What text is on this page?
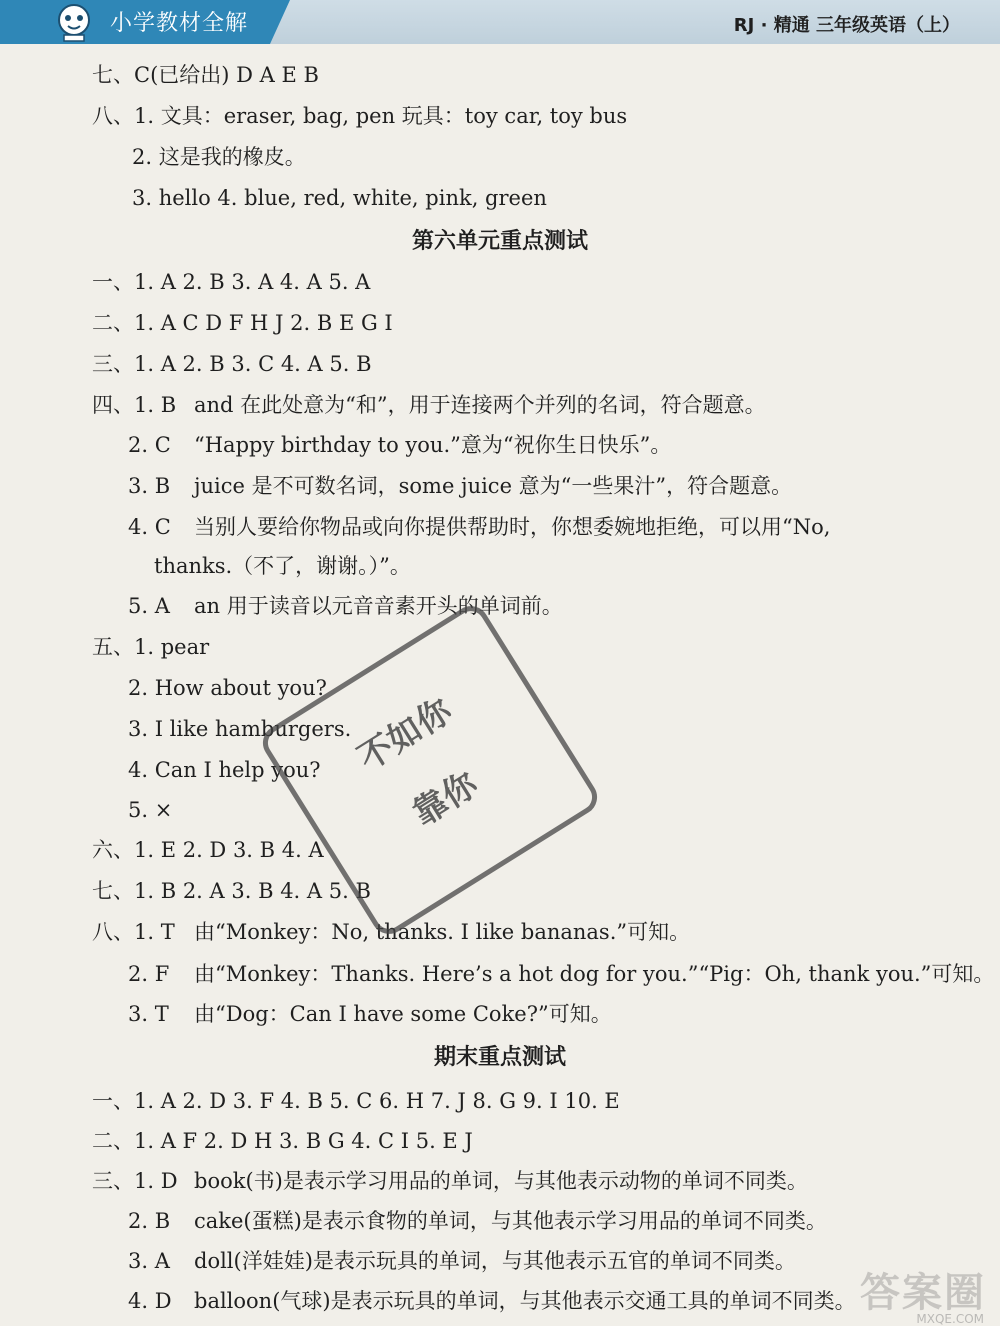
小学教材全解	RJ · 精通 三年级英语（上）
第六单元重点测试
期末重点测试
七、C(已给出) D A E B
八、1. 文具：eraser, bag, pen 玩具：toy car, toy bus
2. 这是我的橡皮。
3. hello 4. blue, red, white, pink, green
一、1. A 2. B 3. A 4. A 5. A
二、1. A C D F H J 2. B E G I
三、1. A 2. B 3. C 4. A 5. B
四、1. B and 在此处意为“和”，用于连接两个并列的名词，符合题意。
2. C “Happy birthday to you.”意为“祝你生日快乐”。
3. B juice 是不可数名词，some juice 意为“一些果汁”，符合题意。
4. C 当别人要给你物品或向你提供帮助时，你想委婉地拒绝，可以用“No,
thanks.（不了，谢谢。）”。
5. A an 用于读音以元音音素开头的单词前。
五、1. pear
2. How about you?
3. I like hamburgers.
4. Can I help you?
5. ×
六、1. E 2. D 3. B 4. A
七、1. B 2. A 3. B 4. A 5. B
八、1. T 由“Monkey：No, thanks. I like bananas.”可知。
2. F 由“Monkey：Thanks. Here’s a hot dog for you.”“Pig：Oh, thank you.”可知。
3. T 由“Dog：Can I have some Coke?”可知。
一、1. A 2. D 3. F 4. B 5. C 6. H 7. J 8. G 9. I 10. E
二、1. A F 2. D H 3. B G 4. C I 5. E J
三、1. D book(书)是表示学习用品的单词，与其他表示动物的单词不同类。
2. B cake(蛋糕)是表示食物的单词，与其他表示学习用品的单词不同类。
3. A doll(洋娃娃)是表示玩具的单词，与其他表示五官的单词不同类。
4. D balloon(气球)是表示玩具的单词，与其他表示交通工具的单词不同类。
不如你
靠你
答案圈
MXQE.COM
